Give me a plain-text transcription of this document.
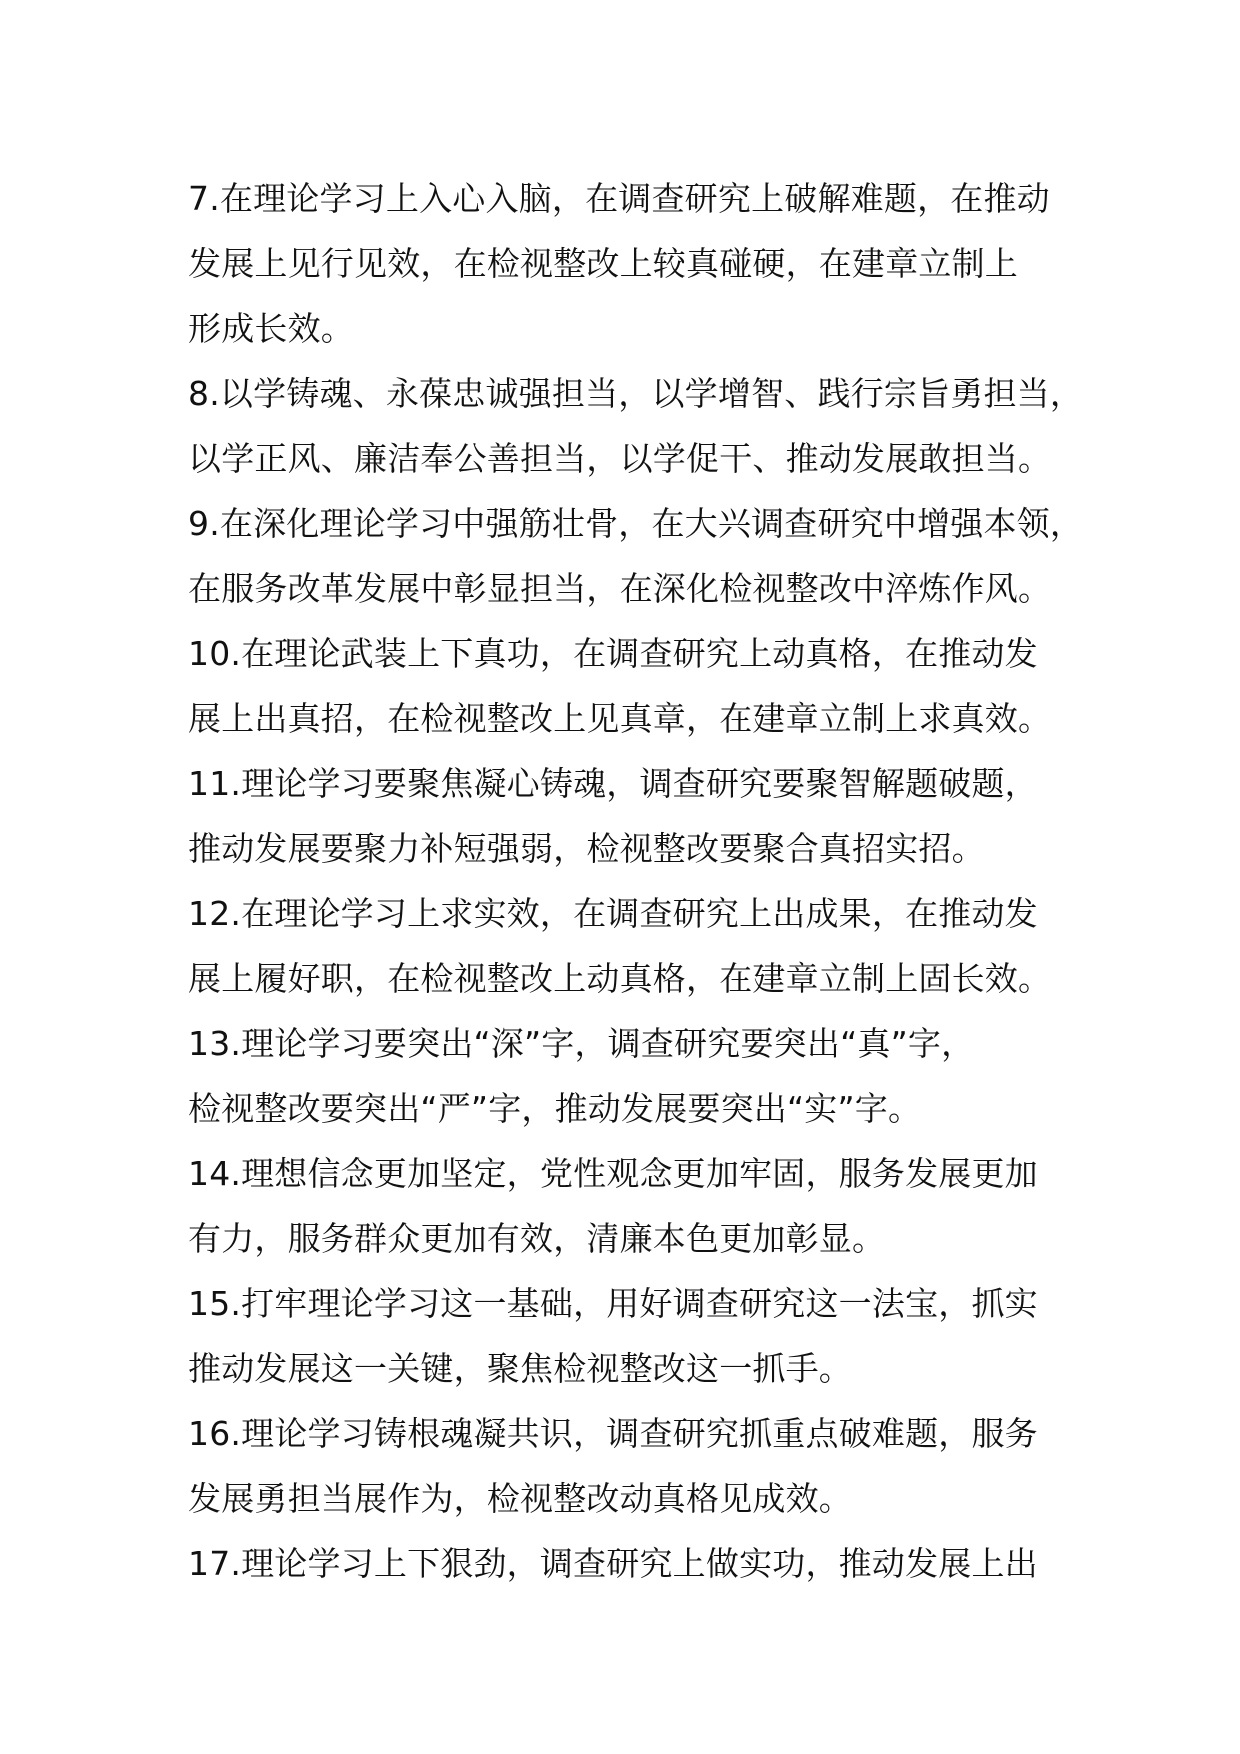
7.在理论学习上入心入脑，在调查研究上破解难题，在推动
发展上见行见效，在检视整改上较真碰硬，在建章立制上
形成长效。
8.以学铸魂、永葆忠诚强担当，以学增智、践行宗旨勇担当，
以学正风、廉洁奉公善担当，以学促干、推动发展敢担当。
9.在深化理论学习中强筋壮骨，在大兴调查研究中增强本领，
在服务改革发展中彰显担当，在深化检视整改中淬炼作风。
10.在理论武装上下真功，在调查研究上动真格，在推动发
展上出真招，在检视整改上见真章，在建章立制上求真效。
11.理论学习要聚焦凝心铸魂，调查研究要聚智解题破题，
推动发展要聚力补短强弱，检视整改要聚合真招实招。
12.在理论学习上求实效，在调查研究上出成果，在推动发
展上履好职，在检视整改上动真格，在建章立制上固长效。
13.理论学习要突出“深”字，调查研究要突出“真”字，
检视整改要突出“严”字，推动发展要突出“实”字。
14.理想信念更加坚定，党性观念更加牢固，服务发展更加
有力，服务群众更加有效，清廉本色更加彰显。
15.打牢理论学习这一基础，用好调查研究这一法宝，抓实
推动发展这一关键，聚焦检视整改这一抓手。
16.理论学习铸根魂凝共识，调查研究抓重点破难题，服务
发展勇担当展作为，检视整改动真格见成效。
17.理论学习上下狠劲，调查研究上做实功，推动发展上出
